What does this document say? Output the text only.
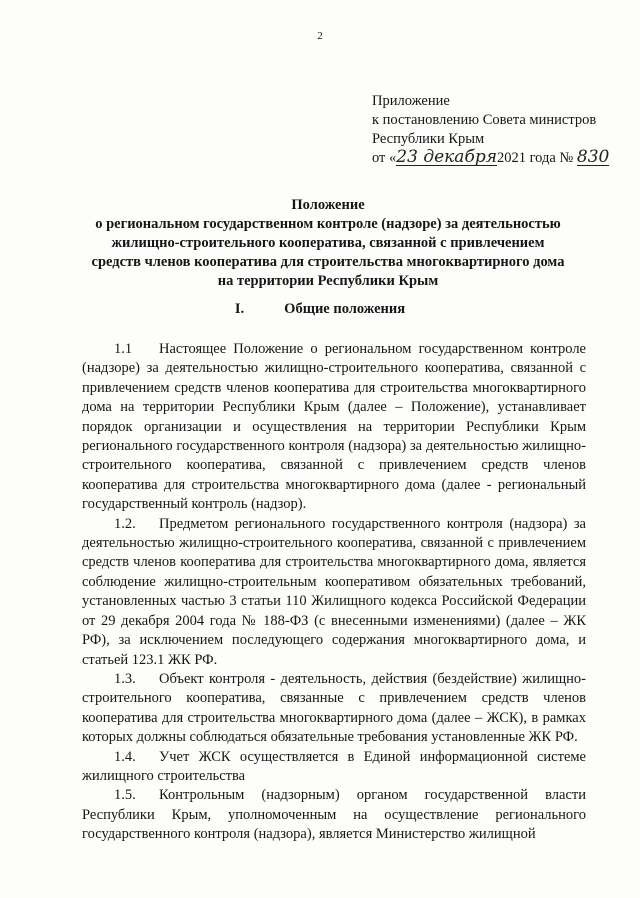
2
Приложение
к постановлению Совета министров
Республики Крым
от «23 декабря2021 года № 830
Положение
о региональном государственном контроле (надзоре) за деятельностью
жилищно-строительного кооператива, связанной с привлечением
средств членов кооператива для строительства многоквартирного дома
на территории Республики Крым
I.	Общие положения

1.1 Настоящее Положение о региональном государственном контроле (надзоре) за деятельностью жилищно-строительного кооператива, связанной с привлечением средств членов кооператива для строительства многоквартирного дома на территории Республики Крым (далее – Положение), устанавливает порядок организации и осуществления на территории Республики Крым регионального государственного контроля (надзора) за деятельностью жилищно-строительного кооператива, связанной с привлечением средств членов кооператива для строительства многоквартирного дома (далее - региональный государственный контроль (надзор).

1.2. Предметом регионального государственного контроля (надзора) за деятельностью жилищно-строительного кооператива, связанной с привлечением средств членов кооператива для строительства многоквартирного дома, является соблюдение жилищно-строительным кооперативом обязательных требований, установленных частью 3 статьи 110 Жилищного кодекса Российской Федерации от 29 декабря 2004 года № 188-ФЗ (с внесенными изменениями) (далее – ЖК РФ), за исключением последующего содержания многоквартирного дома, и статьей 123.1 ЖК РФ.

1.3. Объект контроля - деятельность, действия (бездействие) жилищно-строительного кооператива, связанные с привлечением средств членов кооператива для строительства многоквартирного дома (далее – ЖСК), в рамках которых должны соблюдаться обязательные требования установленные ЖК РФ.

1.4. Учет ЖСК осуществляется в Единой информационной системе жилищного строительства

1.5. Контрольным (надзорным) органом государственной власти Республики Крым, уполномоченным на осуществление регионального государственного контроля (надзора), является Министерство жилищной
